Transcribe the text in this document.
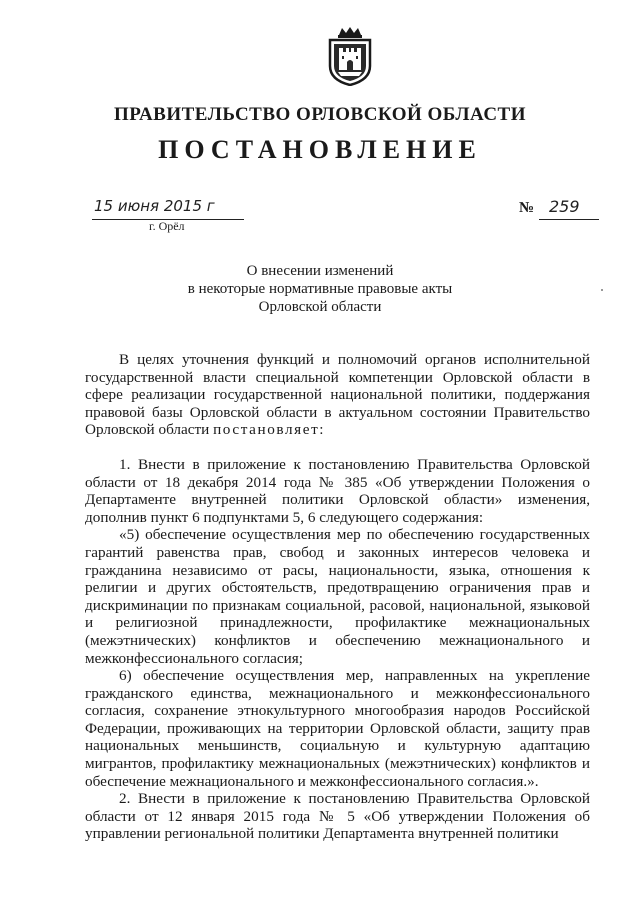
ПРАВИТЕЛЬСТВО ОРЛОВСКОЙ ОБЛАСТИ
ПОСТАНОВЛЕНИЕ
15 июня 2015 г
г. Орёл
№ 259
О внесении изменений
в некоторые нормативные правовые акты
Орловской области

В целях уточнения функций и полномочий органов исполнительной государственной власти специальной компетенции Орловской области в сфере реализации государственной национальной политики, поддержания правовой базы Орловской области в актуальном состоянии Правительство Орловской области постановляет:

1. Внести в приложение к постановлению Правительства Орловской области от 18 декабря 2014 года № 385 «Об утверждении Положения о Департаменте внутренней политики Орловской области» изменения, дополнив пункт 6 подпунктами 5, 6 следующего содержания:

«5) обеспечение осуществления мер по обеспечению государственных гарантий равенства прав, свобод и законных интересов человека и гражданина независимо от расы, национальности, языка, отношения к религии и других обстоятельств, предотвращению ограничения прав и дискриминации по признакам социальной, расовой, национальной, языковой и религиозной принадлежности, профилактике межнациональных (межэтнических) конфликтов и обеспечению межнационального и межконфессионального согласия;

6) обеспечение осуществления мер, направленных на укрепление гражданского единства, межнационального и межконфессионального согласия, сохранение этнокультурного многообразия народов Российской Федерации, проживающих на территории Орловской области, защиту прав национальных меньшинств, социальную и культурную адаптацию мигрантов, профилактику межнациональных (межэтнических) конфликтов и обеспечение межнационального и межконфессионального согласия.».

2. Внести в приложение к постановлению Правительства Орловской области от 12 января 2015 года № 5 «Об утверждении Положения об управлении региональной политики Департамента внутренней политики
